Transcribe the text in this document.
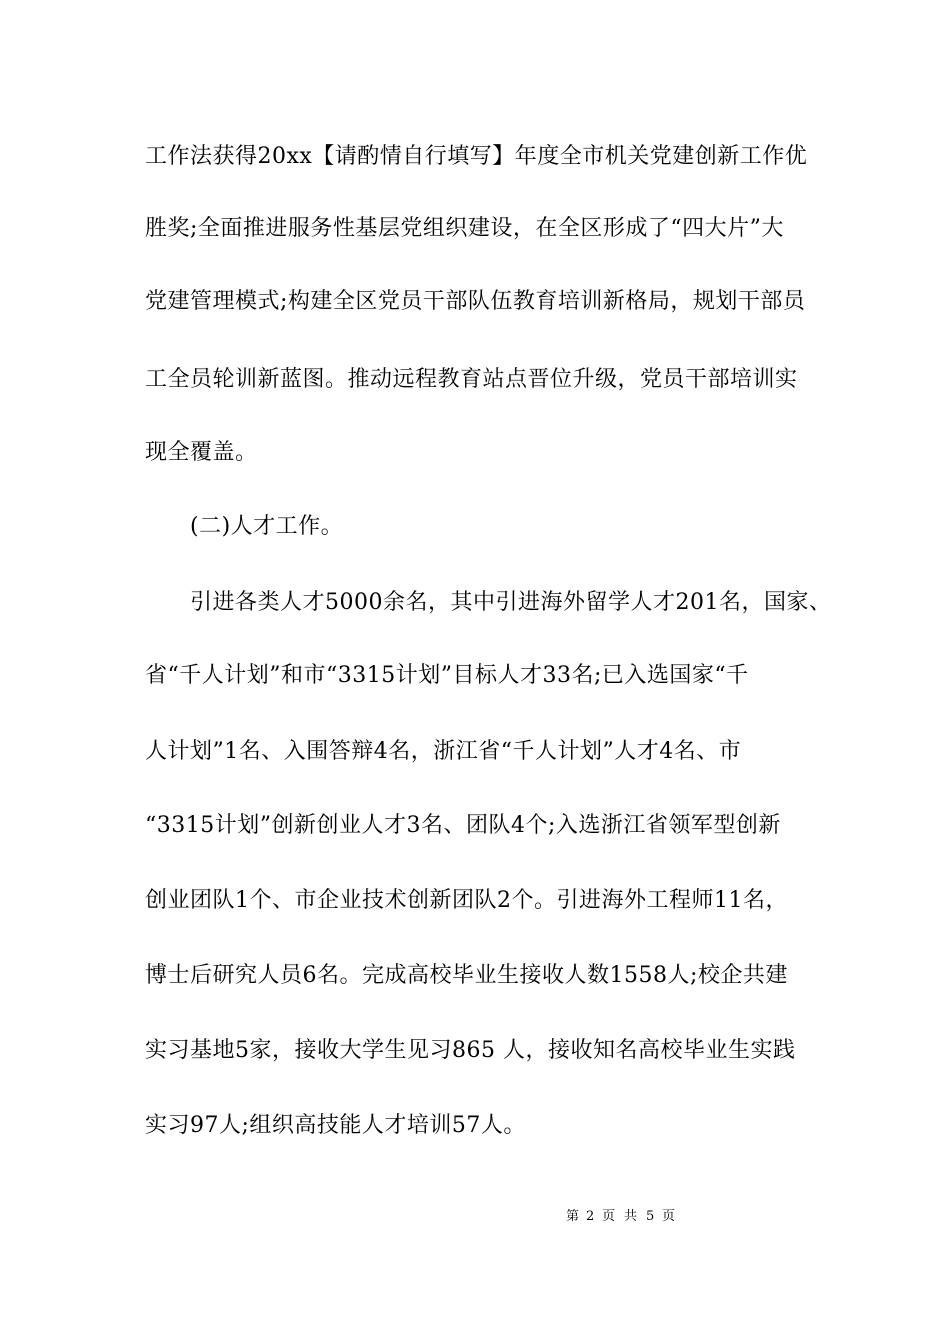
工作法获得20xx【请酌情自行填写】年度全市机关党建创新工作优
胜奖;全面推进服务性基层党组织建设，在全区形成了“四大片”大
党建管理模式;构建全区党员干部队伍教育培训新格局，规划干部员
工全员轮训新蓝图。推动远程教育站点晋位升级，党员干部培训实
现全覆盖。
(二)人才工作。
引进各类人才5000余名，其中引进海外留学人才201名，国家、
省“千人计划”和市“3315计划”目标人才33名;已入选国家“千
人计划”1名、入围答辩4名，浙江省“千人计划”人才4名、市
“3315计划”创新创业人才3名、团队4个;入选浙江省领军型创新
创业团队1个、市企业技术创新团队2个。引进海外工程师11名，
博士后研究人员6名。完成高校毕业生接收人数1558人;校企共建
实习基地5家，接收大学生见习865 人，接收知名高校毕业生实践
实习97人;组织高技能人才培训57人。
第 2 页 共 5 页
